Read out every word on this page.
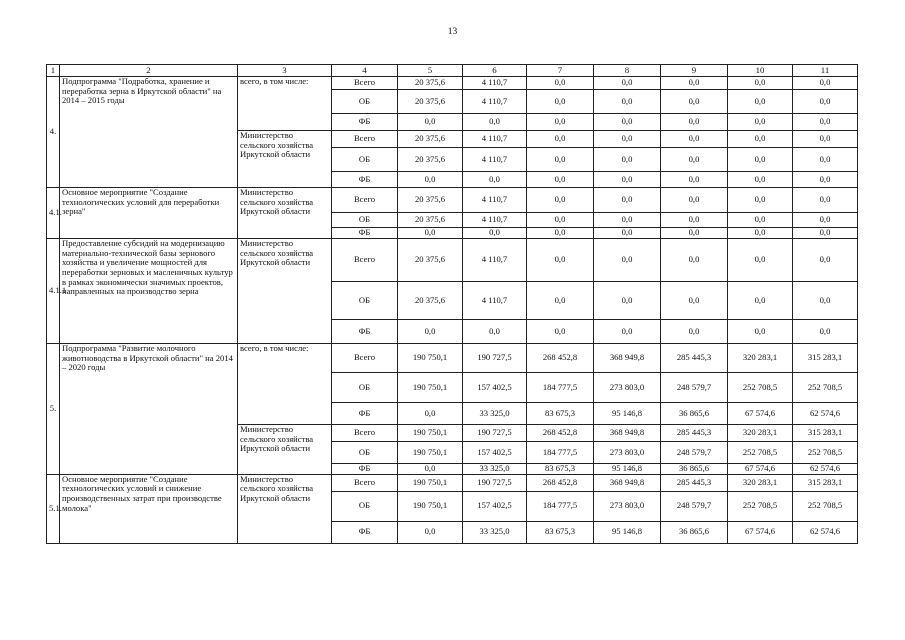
13
1	2	3	4	5	6	7	8	9	10	11
4.	Подпрограмма "Подработка, хранение и переработка зерна в Иркутской области" на 2014 – 2015 годы	всего, в том числе:	Всего	20 375,6	4 110,7	0,0	0,0	0,0	0,0	0,0
			ОБ	20 375,6	4 110,7	0,0	0,0	0,0	0,0	0,0
			ФБ	0,0	0,0	0,0	0,0	0,0	0,0	0,0
		Министерство сельского хозяйства Иркутской области	Всего	20 375,6	4 110,7	0,0	0,0	0,0	0,0	0,0
			ОБ	20 375,6	4 110,7	0,0	0,0	0,0	0,0	0,0
			ФБ	0,0	0,0	0,0	0,0	0,0	0,0	0,0
4.1.	Основное мероприятие "Создание технологических условий для переработки зерна"	Министерство сельского хозяйства Иркутской области	Всего	20 375,6	4 110,7	0,0	0,0	0,0	0,0	0,0
			ОБ	20 375,6	4 110,7	0,0	0,0	0,0	0,0	0,0
			ФБ	0,0	0,0	0,0	0,0	0,0	0,0	0,0
4.1.1.	Предоставление субсидий на модернизацию материально-технической базы зернового хозяйства и увеличение мощностей для переработки зерновых и масленичных культур в рамках экономически значимых проектов, направленных на производство зерна	Министерство сельского хозяйства Иркутской области	Всего	20 375,6	4 110,7	0,0	0,0	0,0	0,0	0,0
			ОБ	20 375,6	4 110,7	0,0	0,0	0,0	0,0	0,0
			ФБ	0,0	0,0	0,0	0,0	0,0	0,0	0,0
5.	Подпрограмма "Развитие молочного животноводства в Иркутской области" на 2014 – 2020 годы	всего, в том числе:	Всего	190 750,1	190 727,5	268 452,8	368 949,8	285 445,3	320 283,1	315 283,1
			ОБ	190 750,1	157 402,5	184 777,5	273 803,0	248 579,7	252 708,5	252 708,5
			ФБ	0,0	33 325,0	83 675,3	95 146,8	36 865,6	67 574,6	62 574,6
		Министерство сельского хозяйства Иркутской области	Всего	190 750,1	190 727,5	268 452,8	368 949,8	285 445,3	320 283,1	315 283,1
			ОБ	190 750,1	157 402,5	184 777,5	273 803,0	248 579,7	252 708,5	252 708,5
			ФБ	0,0	33 325,0	83 675,3	95 146,8	36 865,6	67 574,6	62 574,6
5.1.	Основное мероприятие "Создание технологических условий и снижение производственных затрат при производстве молока"	Министерство сельского хозяйства Иркутской области	Всего	190 750,1	190 727,5	268 452,8	368 949,8	285 445,3	320 283,1	315 283,1
			ОБ	190 750,1	157 402,5	184 777,5	273 803,0	248 579,7	252 708,5	252 708,5
			ФБ	0,0	33 325,0	83 675,3	95 146,8	36 865,6	67 574,6	62 574,6
